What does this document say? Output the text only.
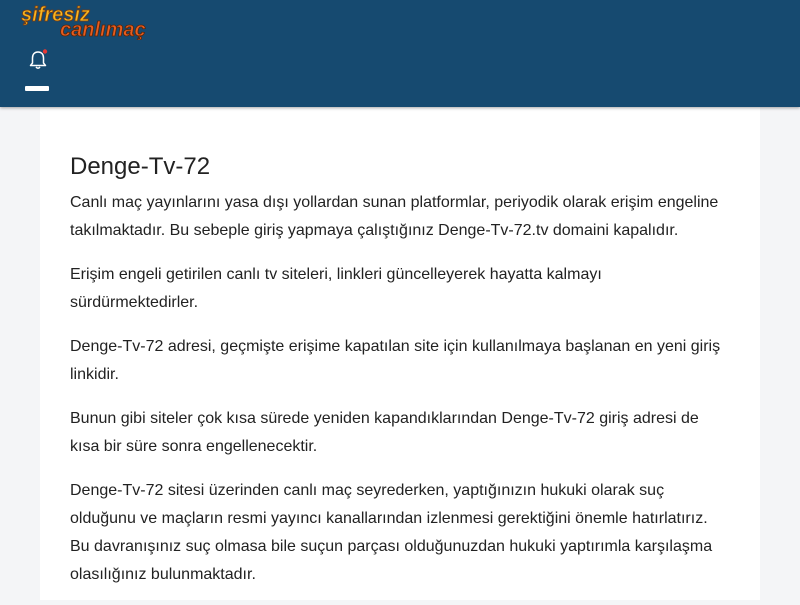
şifresiz
canlımaç
Denge-Tv-72

Canlı maç yayınlarını yasa dışı yollardan sunan platformlar, periyodik olarak erişim engeline takılmaktadır. Bu sebeple giriş yapmaya çalıştığınız Denge-Tv-72.tv domaini kapalıdır.

Erişim engeli getirilen canlı tv siteleri, linkleri güncelleyerek hayatta kalmayı sürdürmektedirler.

Denge-Tv-72 adresi, geçmişte erişime kapatılan site için kullanılmaya başlanan en yeni giriş linkidir.

Bunun gibi siteler çok kısa sürede yeniden kapandıklarından Denge-Tv-72 giriş adresi de kısa bir süre sonra engellenecektir.

Denge-Tv-72 sitesi üzerinden canlı maç seyrederken, yaptığınızın hukuki olarak suç olduğunu ve maçların resmi yayıncı kanallarından izlenmesi gerektiğini önemle hatırlatırız. Bu davranışınız suç olmasa bile suçun parçası olduğunuzdan hukuki yaptırımla karşılaşma olasılığınız bulunmaktadır.
